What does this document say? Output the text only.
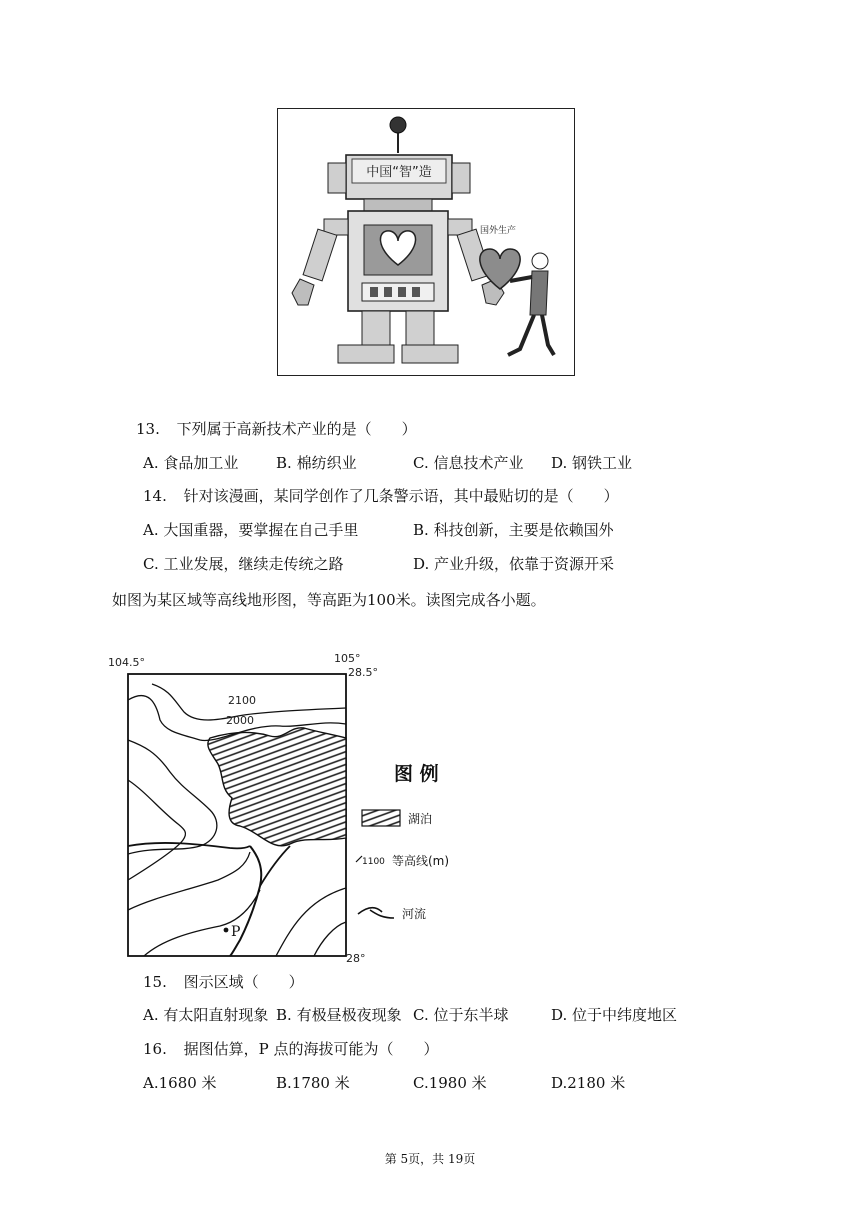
中国“智”造
国外生产
13. 下列属于高新技术产业的是（　　）
A. 食品加工业	B. 棉纺织业	C. 信息技术产业 D. 钢铁工业
14. 针对该漫画，某同学创作了几条警示语，其中最贴切的是（　　）
A. 大国重器，要掌握在自己手里	B. 科技创新，主要是依赖国外
C. 工业发展，继续走传统之路	D. 产业升级，依靠于资源开采
如图为某区域等高线地形图，等高距为100米。读图完成各小题。
104.5°	105°
28.5°
28°
2100
2000
P
图 例
湖泊
1100 等高线(m)
河流
15. 图示区域（　　）
A. 有太阳直射现象 B. 有极昼极夜现象 C. 位于东半球	D. 位于中纬度地区
16. 据图估算，P 点的海拔可能为（　　）
A.1680 米	B.1780 米	C.1980 米	D.2180 米
第 5页，共 19页
